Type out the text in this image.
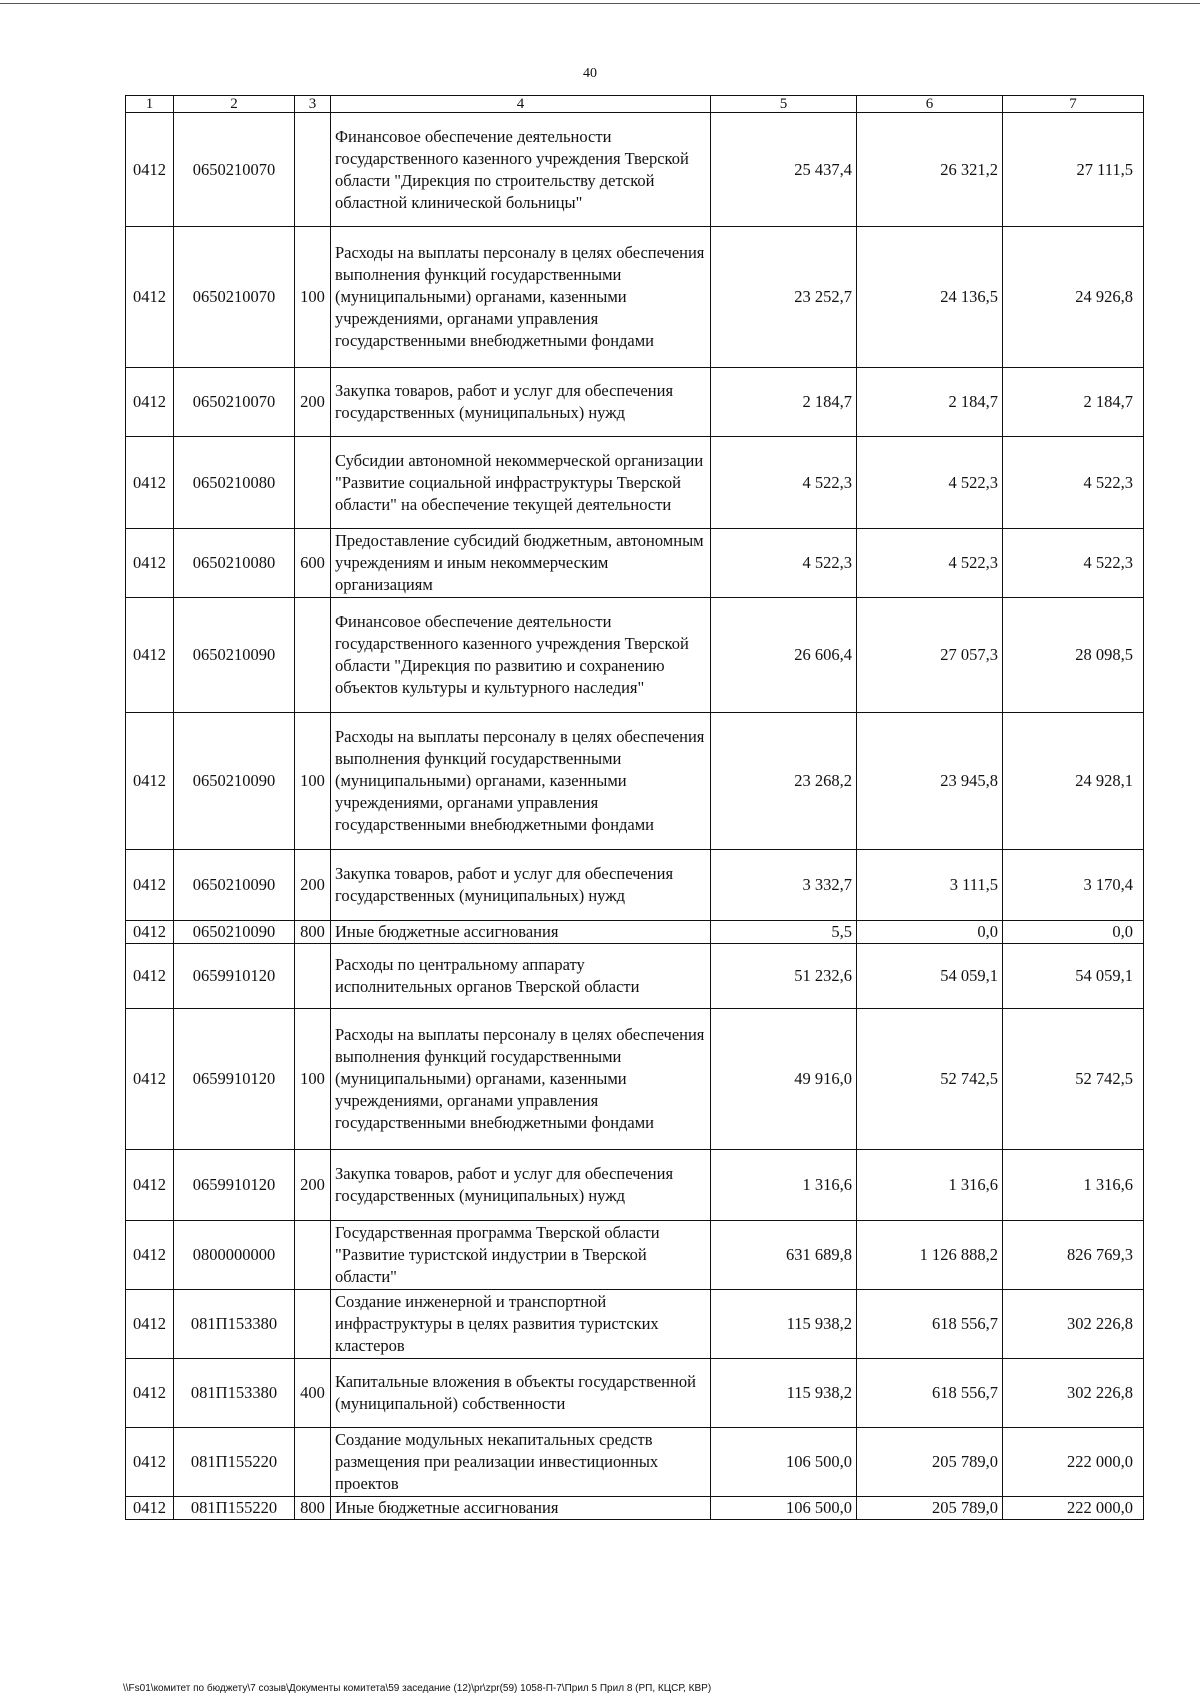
40
1	2	3	4	5	6	7
0412	0650210070		Финансовое обеспечение деятельности государственного казенного учреждения Тверской области "Дирекция по строительству детской областной клинической больницы"	25 437,4	26 321,2	27 111,5
0412	0650210070	100	Расходы на выплаты персоналу в целях обеспечения выполнения функций государственными (муниципальными) органами, казенными учреждениями, органами управления государственными внебюджетными фондами	23 252,7	24 136,5	24 926,8
0412	0650210070	200	Закупка товаров, работ и услуг для обеспечения государственных (муниципальных) нужд	2 184,7	2 184,7	2 184,7
0412	0650210080		Субсидии автономной некоммерческой организации "Развитие социальной инфраструктуры Тверской области" на обеспечение текущей деятельности	4 522,3	4 522,3	4 522,3
0412	0650210080	600	Предоставление субсидий бюджетным, автономным учреждениям и иным некоммерческим организациям	4 522,3	4 522,3	4 522,3
0412	0650210090		Финансовое обеспечение деятельности государственного казенного учреждения Тверской области "Дирекция по развитию и сохранению объектов культуры и культурного наследия"	26 606,4	27 057,3	28 098,5
0412	0650210090	100	Расходы на выплаты персоналу в целях обеспечения выполнения функций государственными (муниципальными) органами, казенными учреждениями, органами управления государственными внебюджетными фондами	23 268,2	23 945,8	24 928,1
0412	0650210090	200	Закупка товаров, работ и услуг для обеспечения государственных (муниципальных) нужд	3 332,7	3 111,5	3 170,4
0412	0650210090	800	Иные бюджетные ассигнования	5,5	0,0	0,0
0412	0659910120		Расходы по центральному аппарату исполнительных органов Тверской области	51 232,6	54 059,1	54 059,1
0412	0659910120	100	Расходы на выплаты персоналу в целях обеспечения выполнения функций государственными (муниципальными) органами, казенными учреждениями, органами управления государственными внебюджетными фондами	49 916,0	52 742,5	52 742,5
0412	0659910120	200	Закупка товаров, работ и услуг для обеспечения государственных (муниципальных) нужд	1 316,6	1 316,6	1 316,6
0412	0800000000		Государственная программа Тверской области "Развитие туристской индустрии в Тверской области"	631 689,8	1 126 888,2	826 769,3
0412	081П153380		Создание инженерной и транспортной инфраструктуры в целях развития туристских кластеров	115 938,2	618 556,7	302 226,8
0412	081П153380	400	Капитальные вложения в объекты государственной (муниципальной) собственности	115 938,2	618 556,7	302 226,8
0412	081П155220		Создание модульных некапитальных средств размещения при реализации инвестиционных проектов	106 500,0	205 789,0	222 000,0
0412	081П155220	800	Иные бюджетные ассигнования	106 500,0	205 789,0	222 000,0
\\Fs01\комитет по бюджету\7 созыв\Документы комитета\59 заседание (12)\pr\zpr(59) 1058-П-7\Прил 5 Прил 8 (РП, КЦСР, КВР)
